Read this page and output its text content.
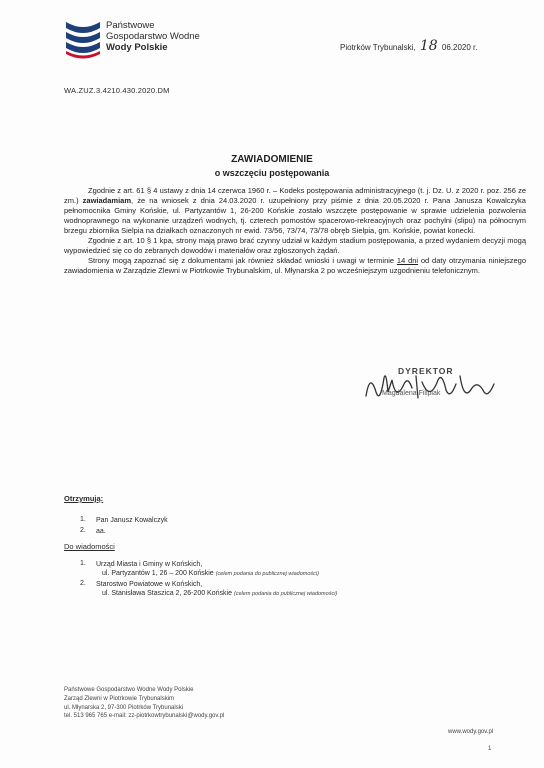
Państwowe
Gospodarstwo Wodne
Wody Polskie	Piotrków Trybunalski, 18 06.2020 r.
WA.ZUZ.3.4210.430.2020.DM
ZAWIADOMIENIE
o wszczęciu postępowania

Zgodnie z art. 61 § 4 ustawy z dnia 14 czerwca 1960 r. – Kodeks postępowania administracyjnego (t. j. Dz. U. z 2020 r. poz. 256 ze zm.) zawiadamiam, że na wniosek z dnia 24.03.2020 r. uzupełniony przy piśmie z dnia 20.05.2020 r. Pana Janusza Kowalczyka pełnomocnika Gminy Końskie, ul. Partyzantów 1, 26-200 Końskie zostało wszczęte postępowanie w sprawie udzielenia pozwolenia wodnoprawnego na wykonanie urządzeń wodnych, tj. czterech pomostów spacerowo-rekreacyjnych oraz pochylni (slipu) na północnym brzegu zbiornika Sielpia na działkach oznaczonych nr ewid. 73/56, 73/74, 73/78 obręb Sielpia, gm. Końskie, powiat konecki.

Zgodnie z art. 10 § 1 kpa, strony mają prawo brać czynny udział w każdym stadium postępowania, a przed wydaniem decyzji mogą wypowiedzieć się co do zebranych dowodów i materiałów oraz zgłoszonych żądań.

Strony mogą zapoznać się z dokumentami jak również składać wnioski i uwagi w terminie 14 dni od daty otrzymania niniejszego zawiadomienia w Zarządzie Zlewni w Piotrkowie Trybunalskim, ul. Młynarska 2 po wcześniejszym uzgodnieniu telefonicznym.

DYREKTOR
Magdalena Filipiak
Otrzymują:
1. Pan Janusz Kowalczyk
2. aa.
Do wiadomości
1. Urząd Miasta i Gminy w Końskich,
ul. Partyzantów 1, 26 – 200 Końskie (celem podania do publicznej wiadomości)
2. Starostwo Powiatowe w Końskich,
ul. Stanisława Staszica 2, 26-200 Końskie (celem podania do publicznej wiadomości)
Państwowe Gospodarstwo Wodne Wody Polskie
Zarząd Zlewni w Piotrkowie Trybunalskim
ul. Młynarska 2, 97-300 Piotrków Trybunalski
tel. 513 965 765 e-mail: zz-piotrkowtrybunalski@wody.gov.pl
www.wody.gov.pl
1
